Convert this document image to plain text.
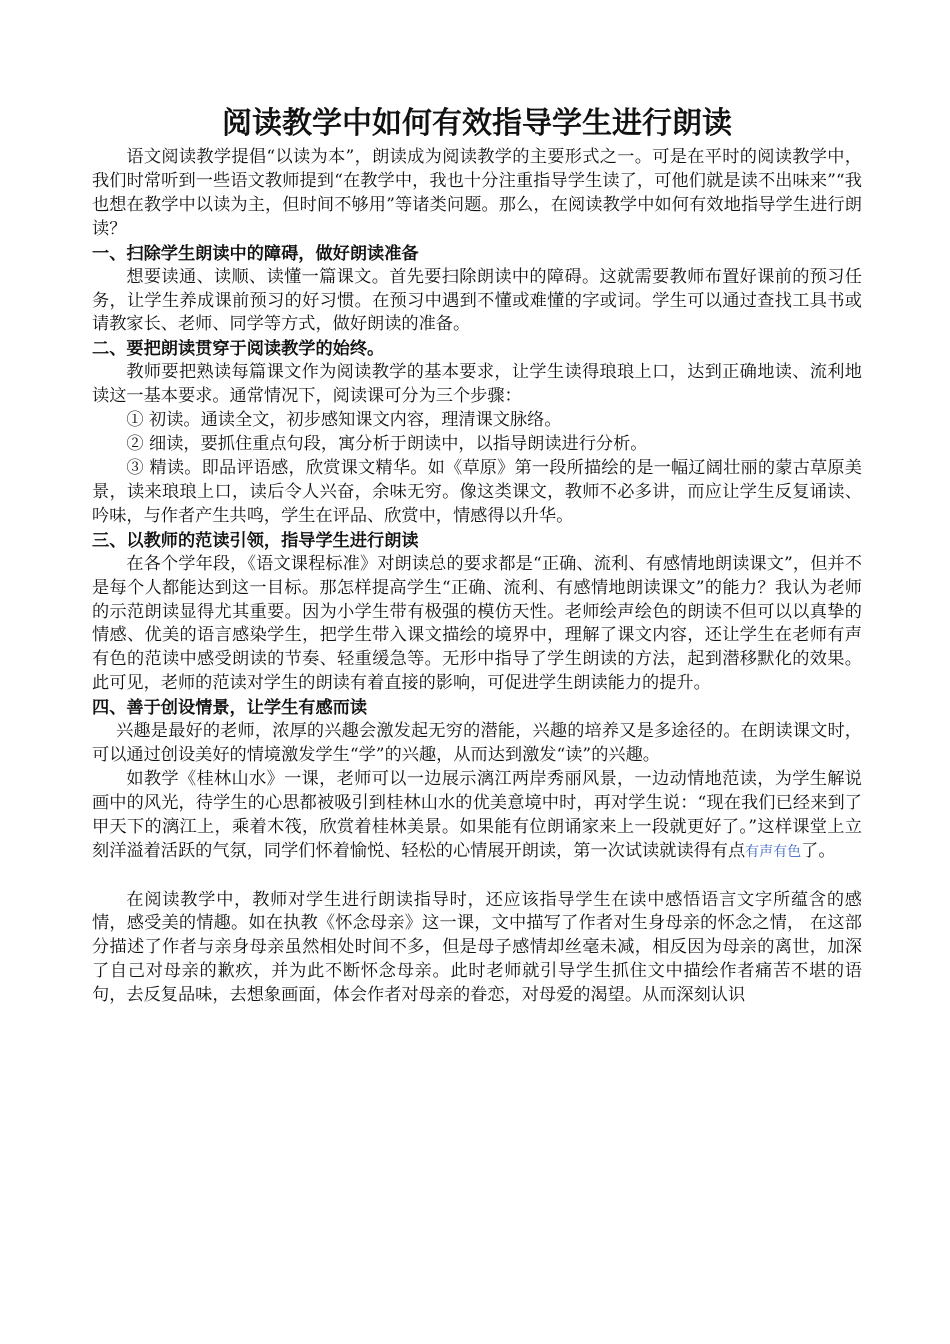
阅读教学中如何有效指导学生进行朗读

语文阅读教学提倡“以读为本”，朗读成为阅读教学的主要形式之一。可是在平时的阅读教学中，我们时常听到一些语文教师提到“在教学中，我也十分注重指导学生读了，可他们就是读不出味来”“我也想在教学中以读为主，但时间不够用”等诸类问题。那么，在阅读教学中如何有效地指导学生进行朗读？

一、扫除学生朗读中的障碍，做好朗读准备

想要读通、读顺、读懂一篇课文。首先要扫除朗读中的障碍。这就需要教师布置好课前的预习任务，让学生养成课前预习的好习惯。在预习中遇到不懂或难懂的字或词。学生可以通过查找工具书或请教家长、老师、同学等方式，做好朗读的准备。

二、要把朗读贯穿于阅读教学的始终。

教师要把熟读每篇课文作为阅读教学的基本要求，让学生读得琅琅上口，达到正确地读、流利地读这一基本要求。通常情况下，阅读课可分为三个步骤：

① 初读。通读全文，初步感知课文内容，理清课文脉络。

② 细读，要抓住重点句段，寓分析于朗读中，以指导朗读进行分析。

③ 精读。即品评语感，欣赏课文精华。如《草原》第一段所描绘的是一幅辽阔壮丽的蒙古草原美景，读来琅琅上口，读后令人兴奋，余味无穷。像这类课文，教师不必多讲，而应让学生反复诵读、吟味，与作者产生共鸣，学生在评品、欣赏中，情感得以升华。

三、以教师的范读引领，指导学生进行朗读

在各个学年段，《语文课程标准》对朗读总的要求都是“正确、流利、有感情地朗读课文”，但并不是每个人都能达到这一目标。那怎样提高学生“正确、流利、有感情地朗读课文”的能力？我认为老师的示范朗读显得尤其重要。因为小学生带有极强的模仿天性。老师绘声绘色的朗读不但可以以真挚的情感、优美的语言感染学生，把学生带入课文描绘的境界中，理解了课文内容，还让学生在老师有声有色的范读中感受朗读的节奏、轻重缓急等。无形中指导了学生朗读的方法，起到潜移默化的效果。此可见，老师的范读对学生的朗读有着直接的影响，可促进学生朗读能力的提升。

四、善于创设情景，让学生有感而读

兴趣是最好的老师，浓厚的兴趣会激发起无穷的潜能，兴趣的培养又是多途径的。在朗读课文时，可以通过创设美好的情境激发学生“学”的兴趣，从而达到激发“读”的兴趣。

如教学《桂林山水》一课，老师可以一边展示漓江两岸秀丽风景，一边动情地范读，为学生解说画中的风光，待学生的心思都被吸引到桂林山水的优美意境中时，再对学生说：“现在我们已经来到了甲天下的漓江上，乘着木筏，欣赏着桂林美景。如果能有位朗诵家来上一段就更好了。”这样课堂上立刻洋溢着活跃的气氛，同学们怀着愉悦、轻松的心情展开朗读，第一次试读就读得有点有声有色了。

在阅读教学中，教师对学生进行朗读指导时，还应该指导学生在读中感悟语言文字所蕴含的感情，感受美的情趣。如在执教《怀念母亲》这一课，文中描写了作者对生身母亲的怀念之情， 在这部分描述了作者与亲身母亲虽然相处时间不多，但是母子感情却丝毫未减，相反因为母亲的离世，加深了自己对母亲的歉疚，并为此不断怀念母亲。此时老师就引导学生抓住文中描绘作者痛苦不堪的语句，去反复品味，去想象画面，体会作者对母亲的眷恋，对母爱的渴望。从而深刻认识
